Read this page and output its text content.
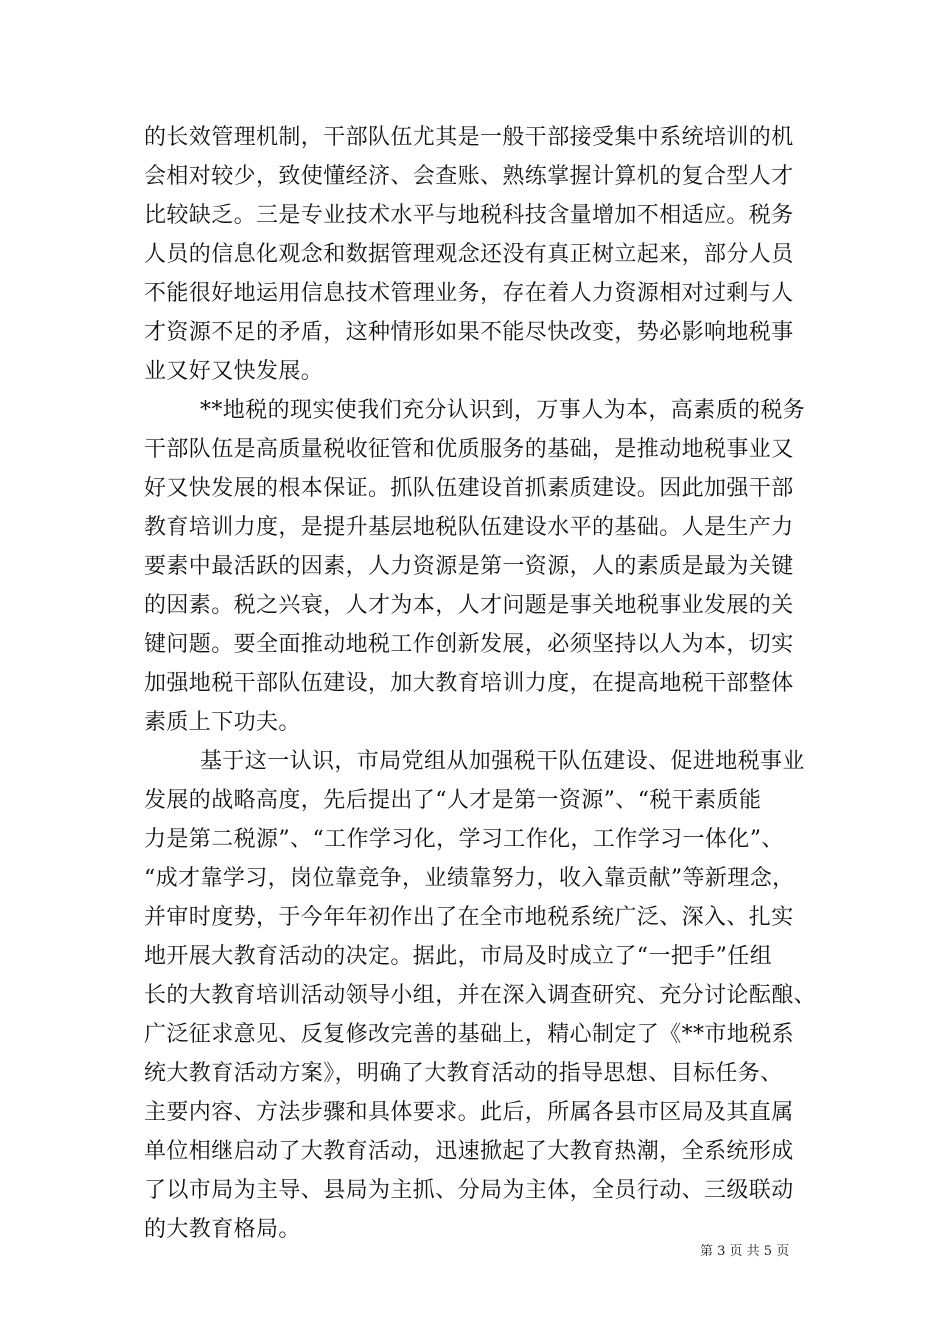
的长效管理机制，干部队伍尤其是一般干部接受集中系统培训的机
会相对较少，致使懂经济、会查账、熟练掌握计算机的复合型人才
比较缺乏。三是专业技术水平与地税科技含量增加不相适应。税务
人员的信息化观念和数据管理观念还没有真正树立起来，部分人员
不能很好地运用信息技术管理业务，存在着人力资源相对过剩与人
才资源不足的矛盾，这种情形如果不能尽快改变，势必影响地税事
业又好又快发展。
**地税的现实使我们充分认识到，万事人为本，高素质的税务
干部队伍是高质量税收征管和优质服务的基础，是推动地税事业又
好又快发展的根本保证。抓队伍建设首抓素质建设。因此加强干部
教育培训力度，是提升基层地税队伍建设水平的基础。人是生产力
要素中最活跃的因素，人力资源是第一资源，人的素质是最为关键
的因素。税之兴衰，人才为本，人才问题是事关地税事业发展的关
键问题。要全面推动地税工作创新发展，必须坚持以人为本，切实
加强地税干部队伍建设，加大教育培训力度，在提高地税干部整体
素质上下功夫。
基于这一认识，市局党组从加强税干队伍建设、促进地税事业
发展的战略高度，先后提出了“人才是第一资源”、“税干素质能
力是第二税源”、“工作学习化，学习工作化，工作学习一体化”、
“成才靠学习，岗位靠竞争，业绩靠努力，收入靠贡献”等新理念，
并审时度势，于今年年初作出了在全市地税系统广泛、深入、扎实
地开展大教育活动的决定。据此，市局及时成立了“一把手”任组
长的大教育培训活动领导小组，并在深入调查研究、充分讨论酝酿、
广泛征求意见、反复修改完善的基础上，精心制定了《**市地税系
统大教育活动方案》，明确了大教育活动的指导思想、目标任务、
主要内容、方法步骤和具体要求。此后，所属各县市区局及其直属
单位相继启动了大教育活动，迅速掀起了大教育热潮，全系统形成
了以市局为主导、县局为主抓、分局为主体，全员行动、三级联动
的大教育格局。
第 3 页 共 5 页
